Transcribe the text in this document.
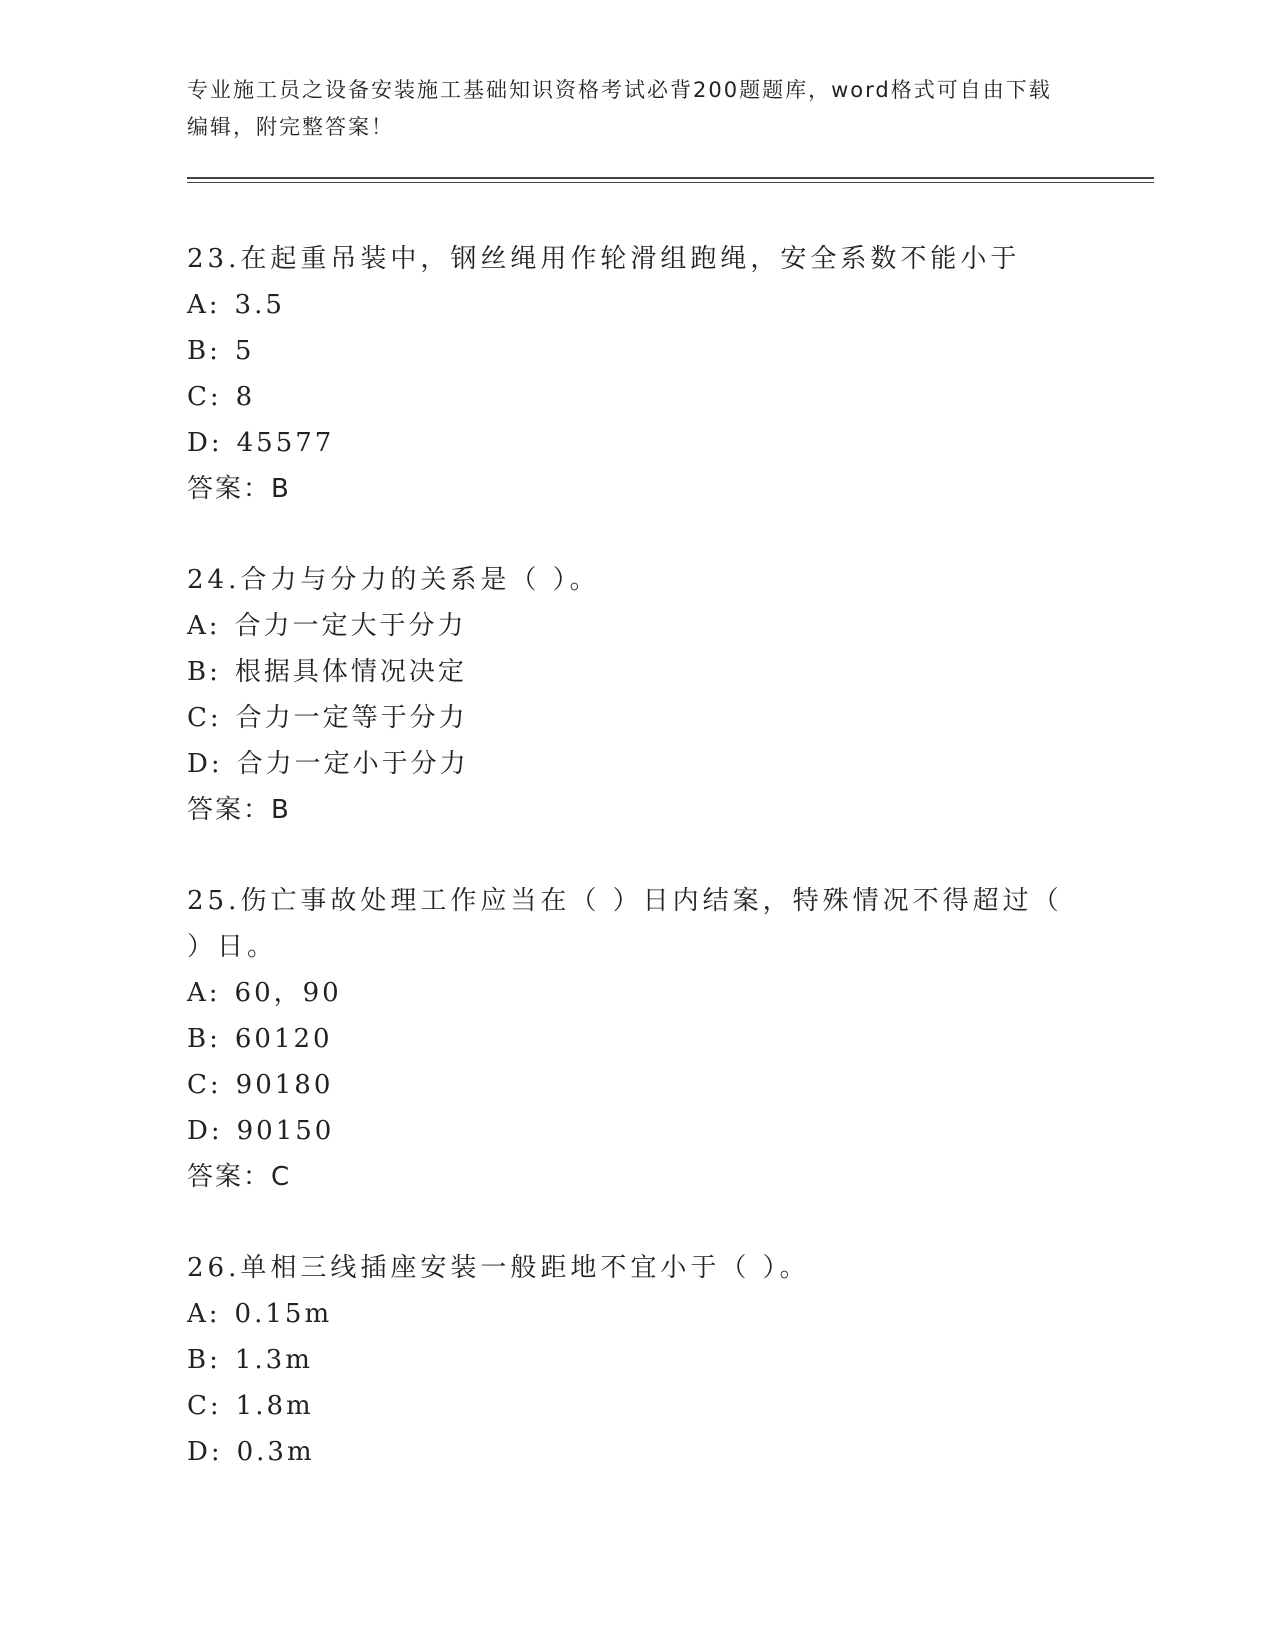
专业施工员之设备安装施工基础知识资格考试必背200题题库，word格式可自由下载编辑，附完整答案！

23.在起重吊装中，钢丝绳用作轮滑组跑绳，安全系数不能小于

A: 3.5

B: 5

C: 8

D: 45577

答案：B

24.合力与分力的关系是（ ）。

A: 合力一定大于分力

B: 根据具体情况决定

C: 合力一定等于分力

D: 合力一定小于分力

答案：B

25.伤亡事故处理工作应当在（ ）日内结案，特殊情况不得超过（ ）日。

A: 60，90

B: 60120

C: 90180

D: 90150

答案：C

26.单相三线插座安装一般距地不宜小于（ ）。

A: 0.15m

B: 1.3m

C: 1.8m

D: 0.3m
